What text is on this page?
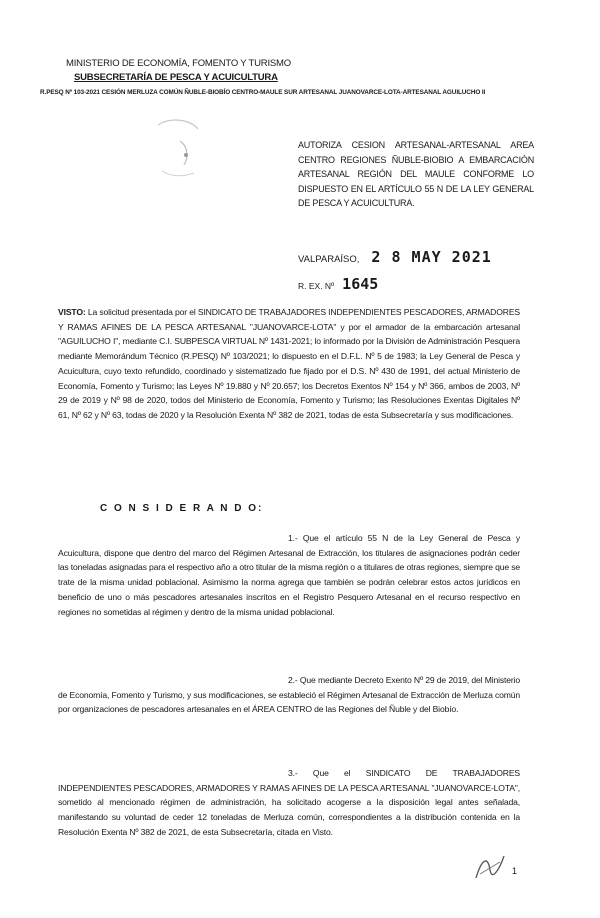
MINISTERIO DE ECONOMÍA, FOMENTO Y TURISMO
SUBSECRETARÍA DE PESCA Y ACUICULTURA
R.PESQ Nº 103-2021 CESIÓN MERLUZA COMÚN ÑUBLE-BIOBÍO CENTRO-MAULE SUR ARTESANAL JUANOVARCE-LOTA-ARTESANAL AGUILUCHO II
AUTORIZA CESION ARTESANAL-ARTESANAL AREA CENTRO REGIONES ÑUBLE-BIOBIO A EMBARCACIÓN ARTESANAL REGIÓN DEL MAULE CONFORME LO DISPUESTO EN EL ARTÍCULO 55 N DE LA LEY GENERAL DE PESCA Y ACUICULTURA.
VALPARAÍSO, 2 8 MAY 2021
R. EX. Nº 1645
VISTO: La solicitud presentada por el SINDICATO DE TRABAJADORES INDEPENDIENTES PESCADORES, ARMADORES Y RAMAS AFINES DE LA PESCA ARTESANAL "JUANOVARCE-LOTA" y por el armador de la embarcación artesanal "AGUILUCHO I", mediante C.I. SUBPESCA VIRTUAL Nº 1431-2021; lo informado por la División de Administración Pesquera mediante Memorándum Técnico (R.PESQ) Nº 103/2021; lo dispuesto en el D.F.L. Nº 5 de 1983; la Ley General de Pesca y Acuicultura, cuyo texto refundido, coordinado y sistematizado fue fijado por el D.S. Nº 430 de 1991, del actual Ministerio de Economía, Fomento y Turismo; las Leyes Nº 19.880 y Nº 20.657; los Decretos Exentos Nº 154 y Nº 366, ambos de 2003, Nº 29 de 2019 y Nº 98 de 2020, todos del Ministerio de Economía, Fomento y Turismo; las Resoluciones Exentas Digitales Nº 61, Nº 62 y Nº 63, todas de 2020 y la Resolución Exenta Nº 382 de 2021, todas de esta Subsecretaría y sus modificaciones.
C O N S I D E R A N D O:
1.- Que el artículo 55 N de la Ley General de Pesca y Acuicultura, dispone que dentro del marco del Régimen Artesanal de Extracción, los titulares de asignaciones podrán ceder las toneladas asignadas para el respectivo año a otro titular de la misma región o a titulares de otras regiones, siempre que se trate de la misma unidad poblacional. Asimismo la norma agrega que también se podrán celebrar estos actos jurídicos en beneficio de uno o más pescadores artesanales inscritos en el Registro Pesquero Artesanal en el recurso respectivo en regiones no sometidas al régimen y dentro de la misma unidad poblacional.
2.- Que mediante Decreto Exento Nº 29 de 2019, del Ministerio de Economía, Fomento y Turismo, y sus modificaciones, se estableció el Régimen Artesanal de Extracción de Merluza común por organizaciones de pescadores artesanales en el ÁREA CENTRO de las Regiones del Ñuble y del Biobío.
3.- Que el SINDICATO DE TRABAJADORES INDEPENDIENTES PESCADORES, ARMADORES Y RAMAS AFINES DE LA PESCA ARTESANAL "JUANOVARCE-LOTA", sometido al mencionado régimen de administración, ha solicitado acogerse a la disposición legal antes señalada, manifestando su voluntad de ceder 12 toneladas de Merluza común, correspondientes a la distribución contenida en la Resolución Exenta Nº 382 de 2021, de esta Subsecretaría, citada en Visto.
1
